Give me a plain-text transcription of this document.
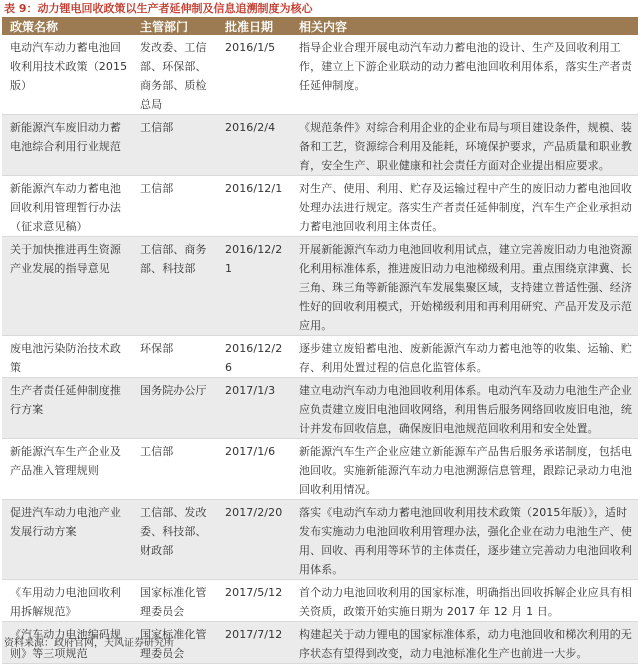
表 9：动力锂电回收政策以生产者延伸制及信息追溯制度为核心
政策名称	主管部门	批准日期	相关内容
电动汽车动力蓄电池回收利用技术政策（2015版）	发改委、工信部、环保部、商务部、质检总局	2016/1/5	指导企业合理开展电动汽车动力蓄电池的设计、生产及回收利用工作，建立上下游企业联动的动力蓄电池回收利用体系，落实生产者责任延伸制度。
新能源汽车废旧动力蓄电池综合利用行业规范	工信部	2016/2/4	《规范条件》对综合利用企业的企业布局与项目建设条件，规模、装备和工艺，资源综合利用及能耗，环境保护要求，产品质量和职业教育，安全生产、职业健康和社会责任方面对企业提出相应要求。
新能源汽车动力蓄电池回收利用管理暂行办法（征求意见稿）	工信部	2016/12/1	对生产、使用、利用、贮存及运输过程中产生的废旧动力蓄电池回收处理办法进行规定。落实生产者责任延伸制度，汽车生产企业承担动力蓄电池回收利用主体责任。
关于加快推进再生资源产业发展的指导意见	工信部、商务部、科技部	2016/12/21	开展新能源汽车动力电池回收利用试点，建立完善废旧动力电池资源化利用标准体系，推进废旧动力电池梯级利用。重点围绕京津冀、长三角、珠三角等新能源汽车发展集聚区域，支持建立普适性强、经济性好的回收利用模式，开始梯级利用和再利用研究、产品开发及示范应用。
废电池污染防治技术政策	环保部	2016/12/26	逐步建立废铅蓄电池、废新能源汽车动力蓄电池等的收集、运输、贮存、利用处置过程的信息化监管体系。
生产者责任延伸制度推行方案	国务院办公厅	2017/1/3	建立电动汽车动力电池回收利用体系。电动汽车及动力电池生产企业应负责建立废旧电池回收网络，利用售后服务网络回收废旧电池，统计并发布回收信息，确保废旧电池规范回收利用和安全处置。
新能源汽车生产企业及产品准入管理规则	工信部	2017/1/6	新能源汽车生产企业应建立新能源车产品售后服务承诺制度，包括电池回收。实施新能源汽车动力电池溯源信息管理，跟踪记录动力电池回收利用情况。
促进汽车动力电池产业发展行动方案	工信部、发改委、科技部、财政部	2017/2/20	落实《电动汽车动力蓄电池回收利用技术政策（2015年版）》，适时发布实施动力电池回收利用管理办法，强化企业在动力电池生产、使用、回收、再利用等环节的主体责任，逐步建立完善动力电池回收利用体系。
《车用动力电池回收利用拆解规范》	国家标准化管理委员会	2017/5/12	首个动力电池回收利用的国家标准，明确指出回收拆解企业应具有相关资质，政策开始实施日期为 2017 年 12 月 1 日。
《汽车动力电池编码规则》等三项规范	国家标准化管理委员会	2017/7/12	构建起关于动力锂电的国家标准体系，动力电池回收和梯次利用的无序状态有望得到改变，动力电池标准化生产也前进一大步。
资料来源：政府官网，天风证券研究所
